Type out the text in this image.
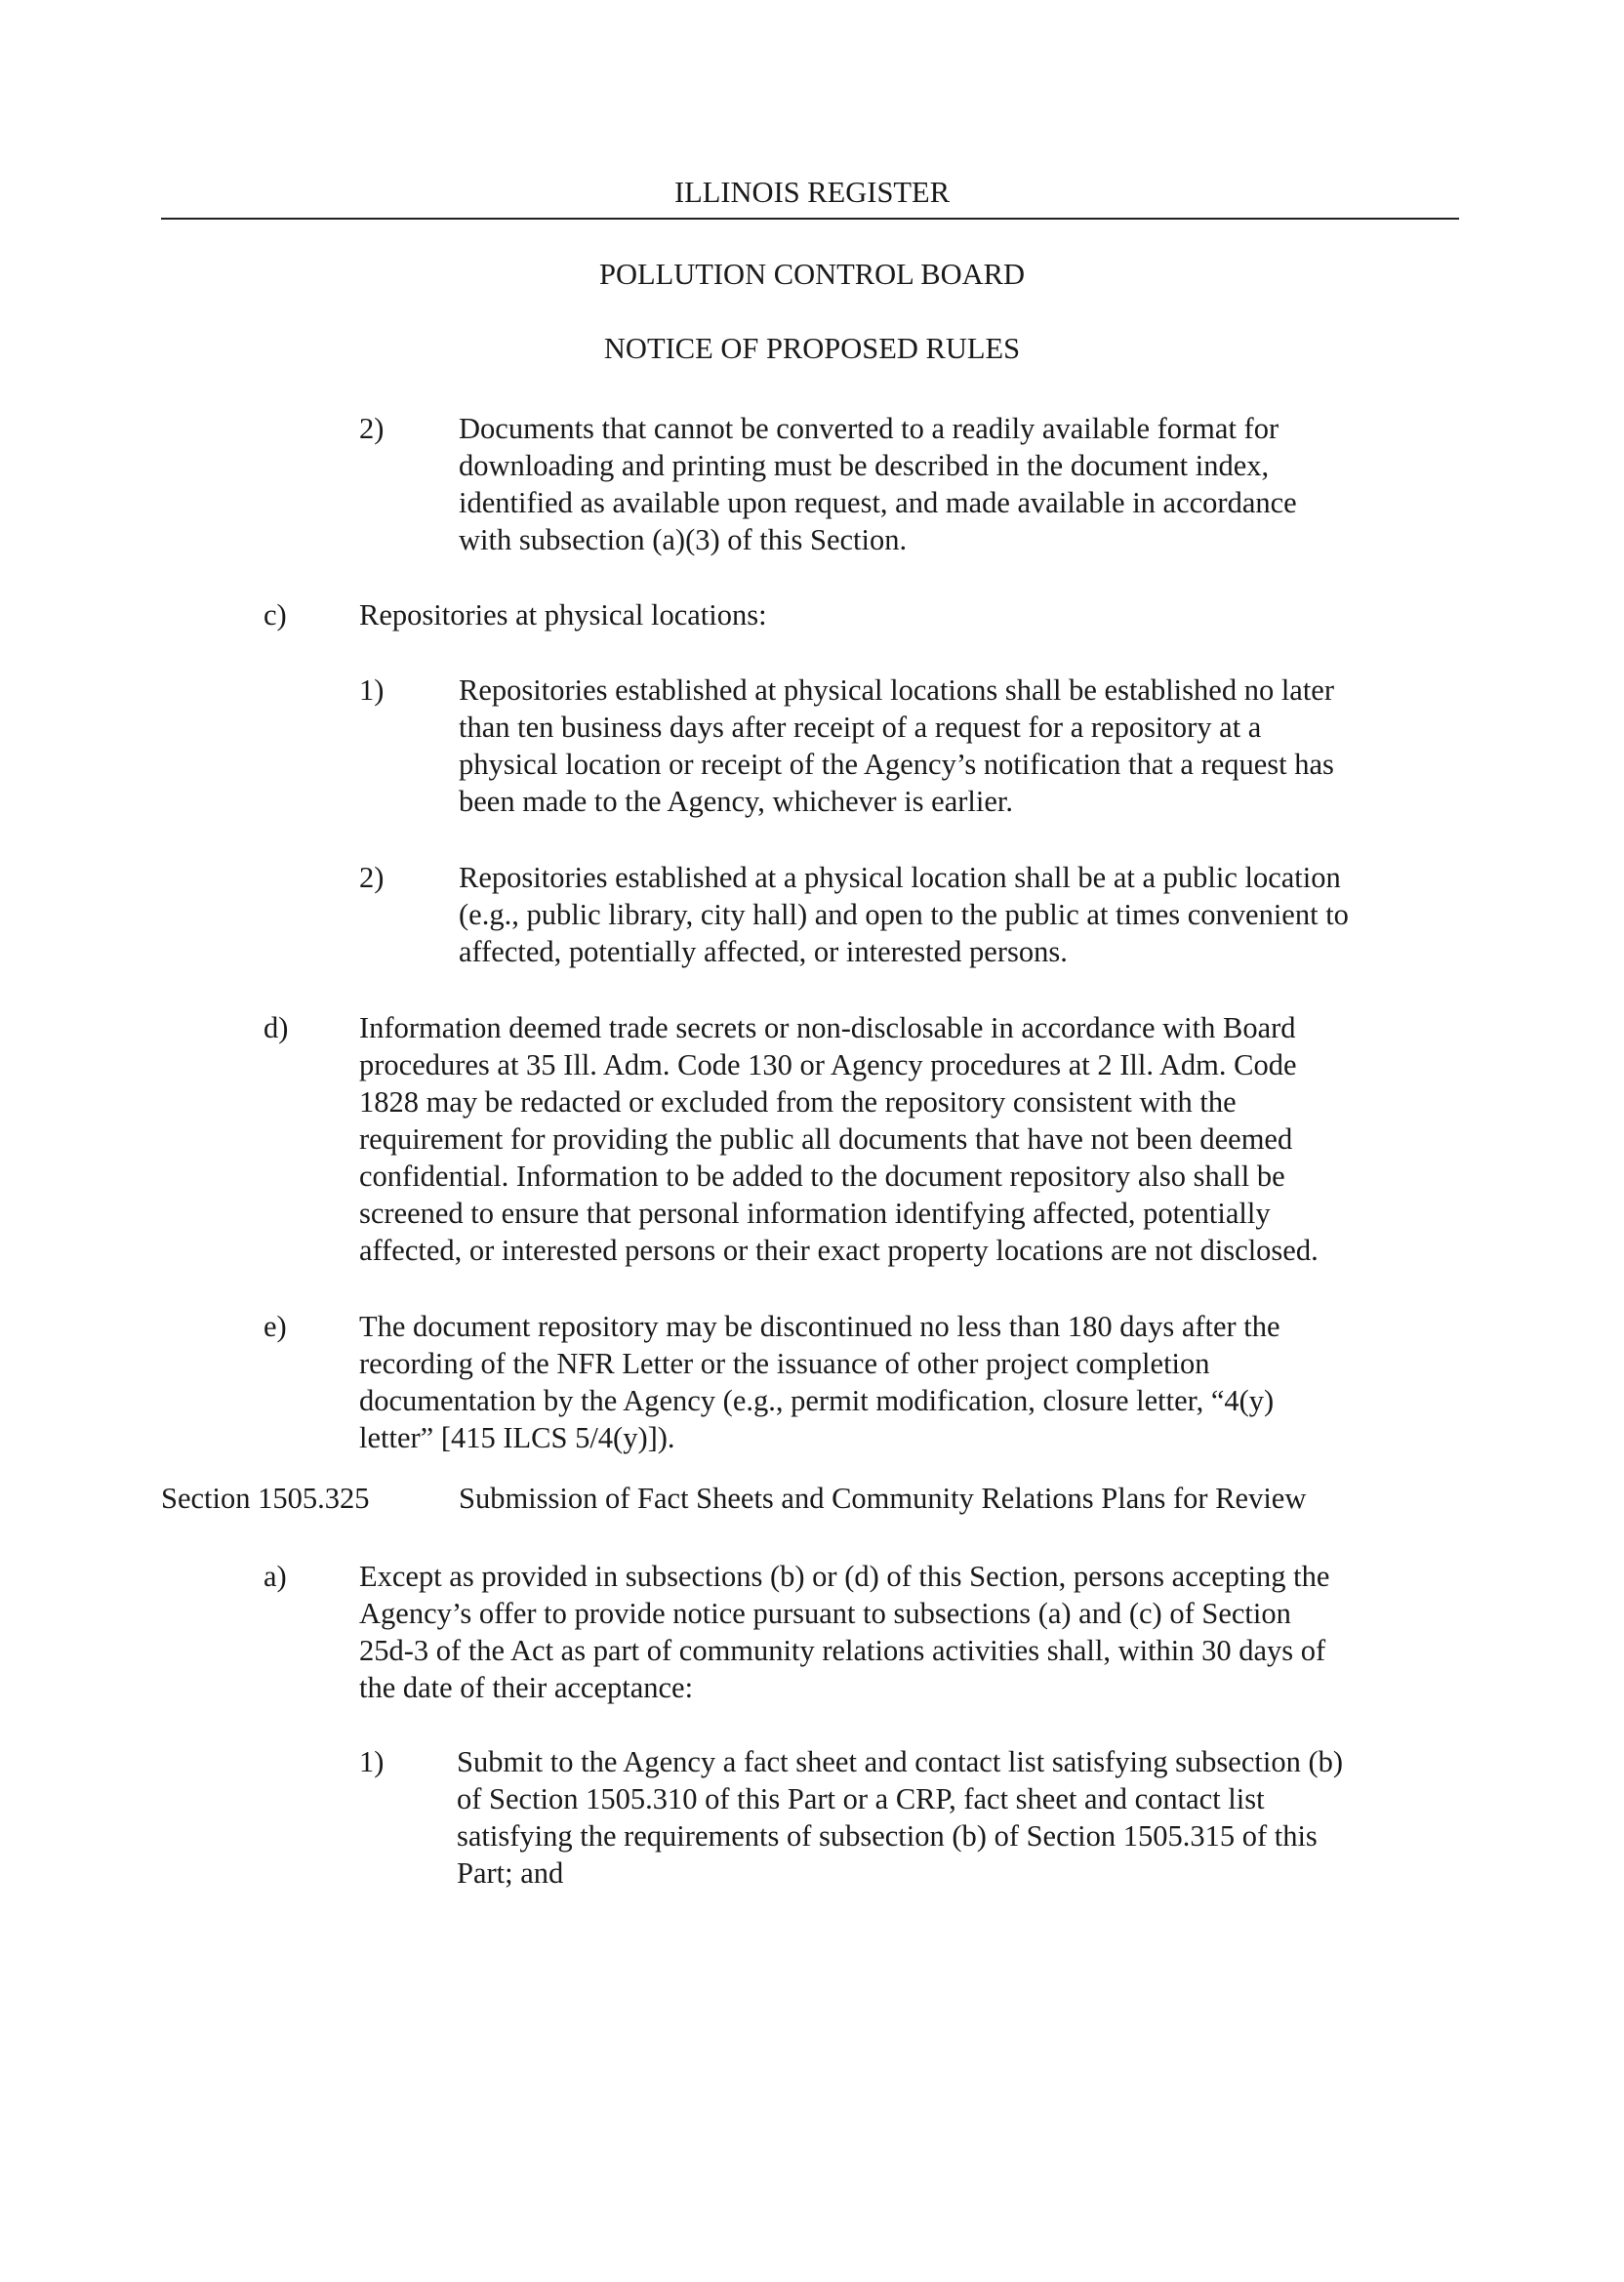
ILLINOIS REGISTER
POLLUTION CONTROL BOARD
NOTICE OF PROPOSED RULES
2)	Documents that cannot be converted to a readily available format for
downloading and printing must be described in the document index,
identified as available upon request, and made available in accordance
with subsection (a)(3) of this Section.
c) Repositories at physical locations:
1)	Repositories established at physical locations shall be established no later
than ten business days after receipt of a request for a repository at a
physical location or receipt of the Agency’s notification that a request has
been made to the Agency, whichever is earlier.
2)	Repositories established at a physical location shall be at a public location
(e.g., public library, city hall) and open to the public at times convenient to
affected, potentially affected, or interested persons.
d) Information deemed trade secrets or non-disclosable in accordance with Board
procedures at 35 Ill. Adm. Code 130 or Agency procedures at 2 Ill. Adm. Code
1828 may be redacted or excluded from the repository consistent with the
requirement for providing the public all documents that have not been deemed
confidential. Information to be added to the document repository also shall be
screened to ensure that personal information identifying affected, potentially
affected, or interested persons or their exact property locations are not disclosed.
e) The document repository may be discontinued no less than 180 days after the
recording of the NFR Letter or the issuance of other project completion
documentation by the Agency (e.g., permit modification, closure letter, “4(y)
letter” [415 ILCS 5/4(y)]).
Section 1505.325	Submission of Fact Sheets and Community Relations Plans for Review
a) Except as provided in subsections (b) or (d) of this Section, persons accepting the
Agency’s offer to provide notice pursuant to subsections (a) and (c) of Section
25d-3 of the Act as part of community relations activities shall, within 30 days of
the date of their acceptance:
1) Submit to the Agency a fact sheet and contact list satisfying subsection (b)
of Section 1505.310 of this Part or a CRP, fact sheet and contact list
satisfying the requirements of subsection (b) of Section 1505.315 of this
Part; and
